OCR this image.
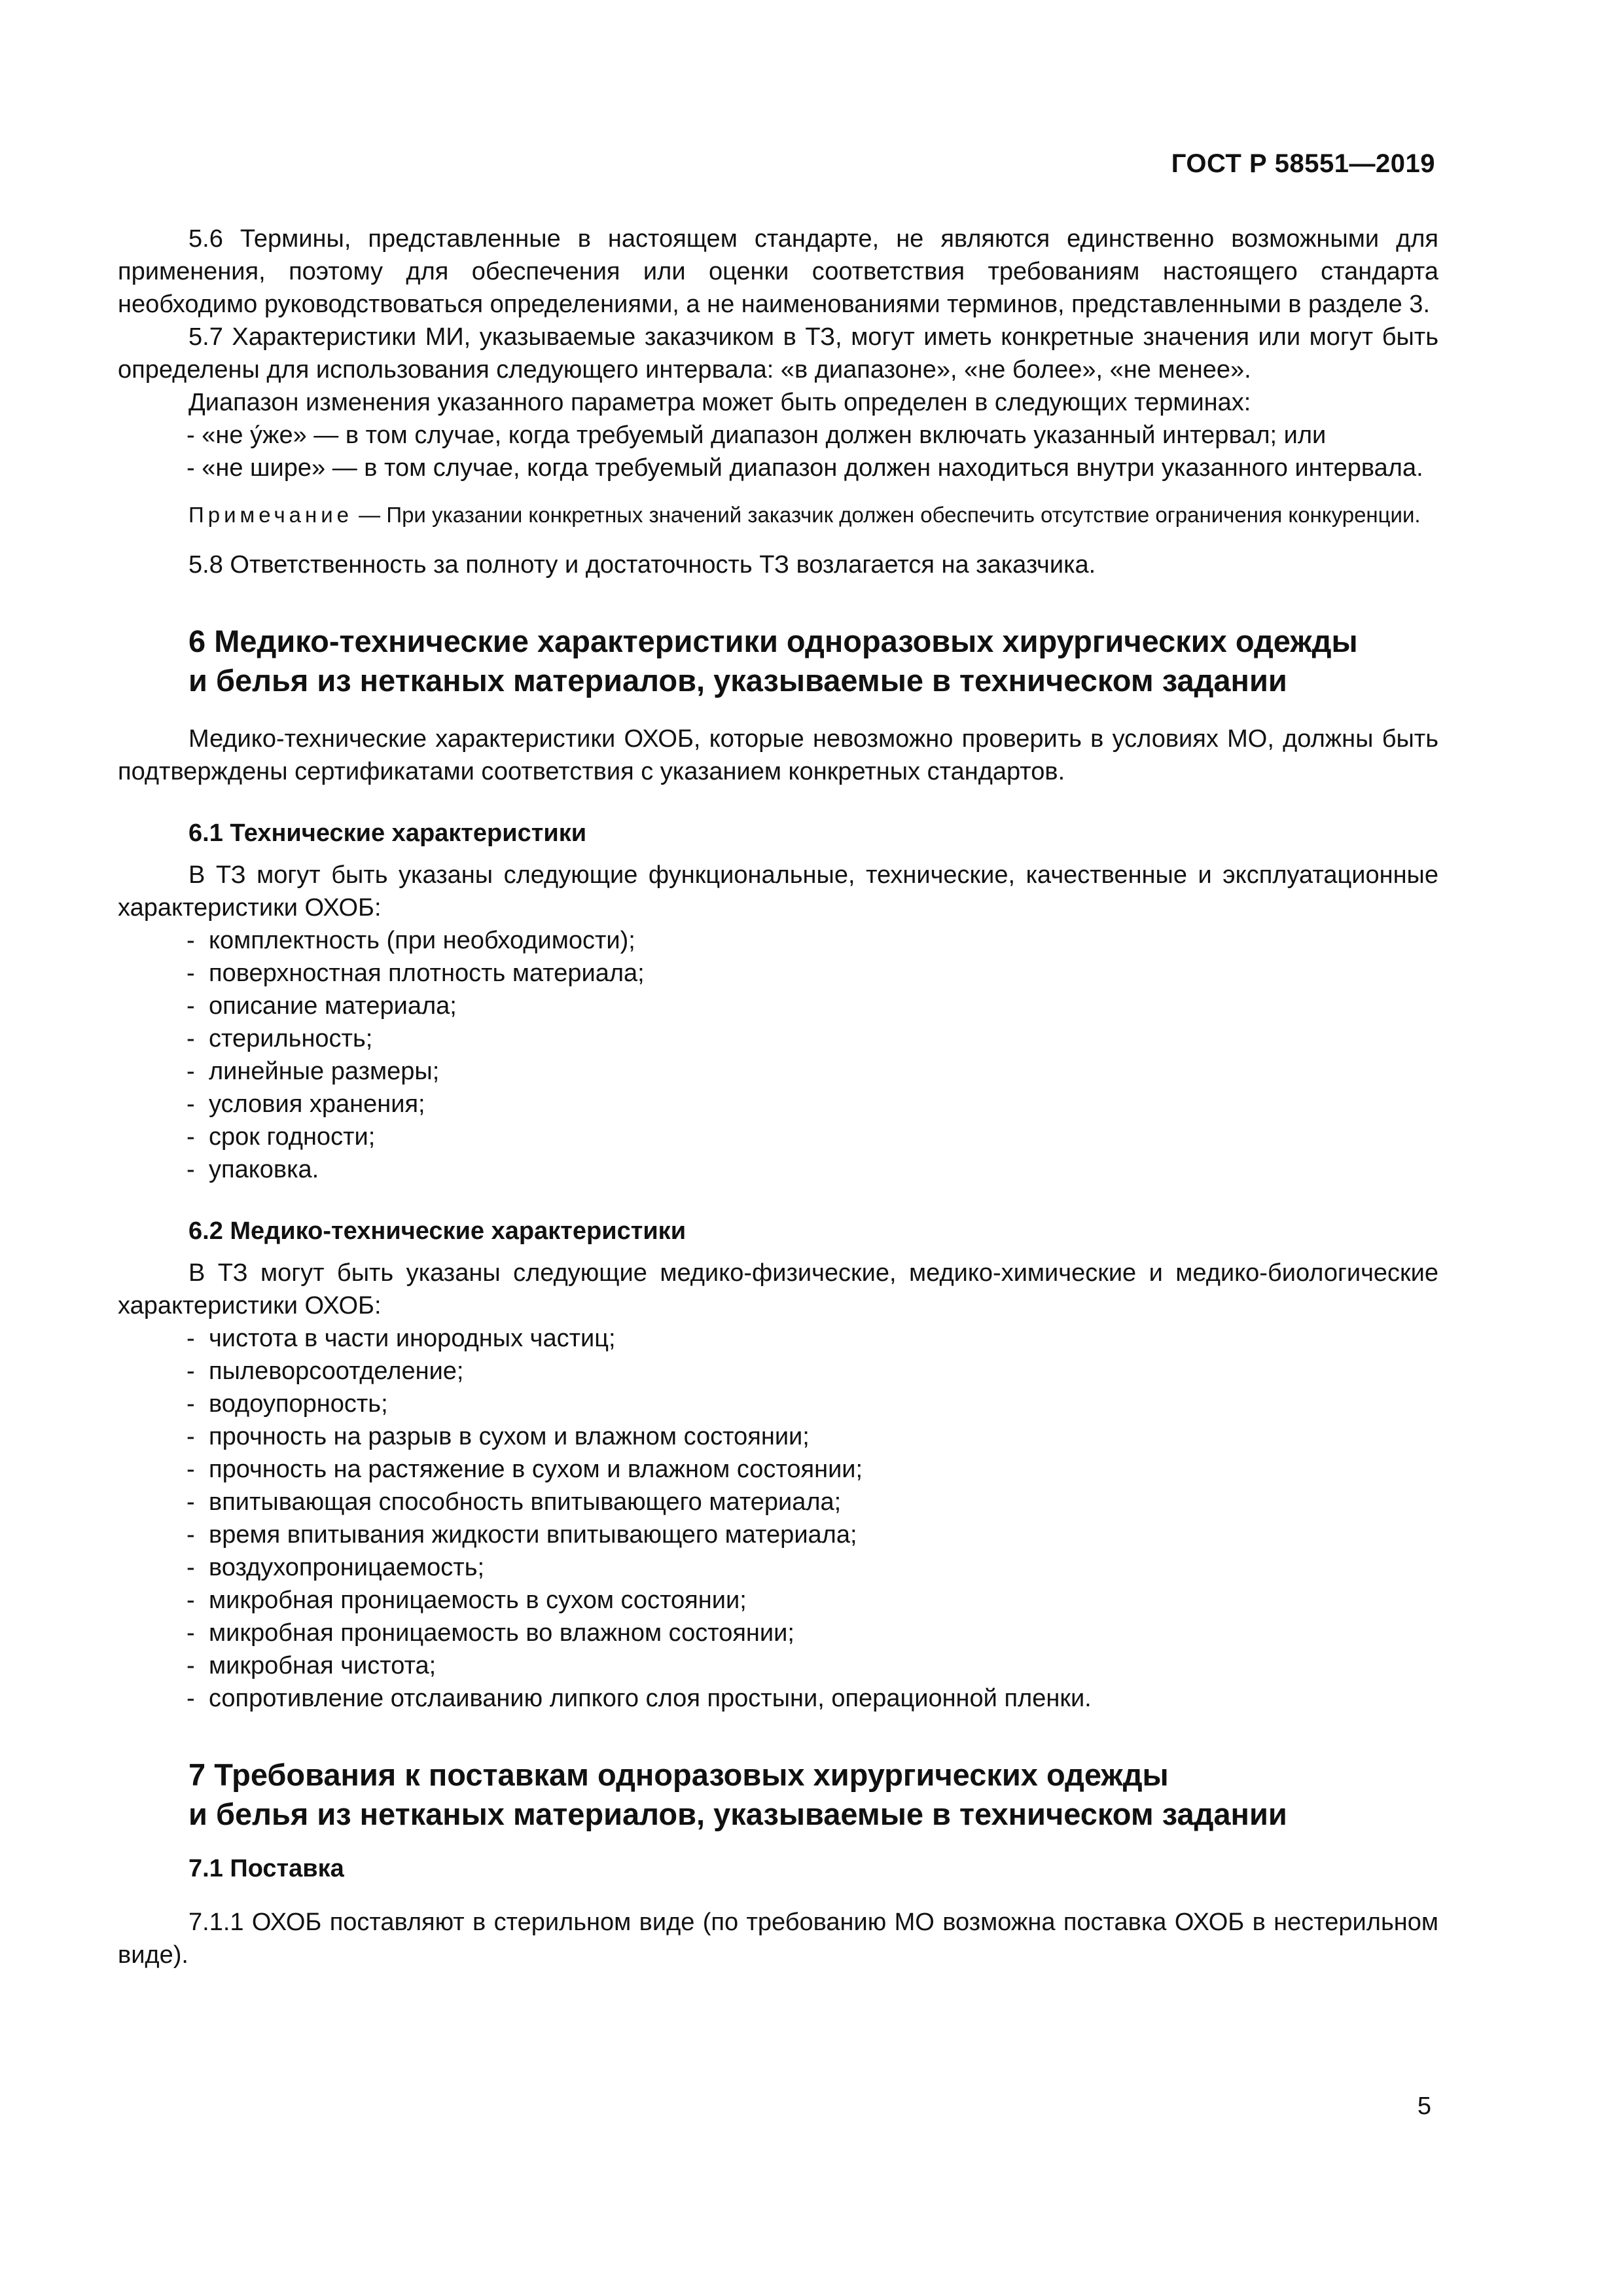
ГОСТ Р 58551—2019

5.6 Термины, представленные в настоящем стандарте, не являются единственно возможными для применения, поэтому для обеспечения или оценки соответствия требованиям настоящего стандарта необходимо руководствоваться определениями, а не наименованиями терминов, представленными в разделе 3.

5.7 Характеристики МИ, указываемые заказчиком в ТЗ, могут иметь конкретные значения или могут быть определены для использования следующего интервала: «в диапазоне», «не более», «не менее».

Диапазон изменения указанного параметра может быть определен в следующих терминах:

- «не у́же» — в том случае, когда требуемый диапазон должен включать указанный интервал; или

- «не шире» — в том случае, когда требуемый диапазон должен находиться внутри указанного интервала.

Примечание — При указании конкретных значений заказчик должен обеспечить отсутствие ограничения конкуренции.

5.8 Ответственность за полноту и достаточность ТЗ возлагается на заказчика.

6 Медико-технические характеристики одноразовых хирургических одежды
и белья из нетканых материалов, указываемые в техническом задании

Медико-технические характеристики ОХОБ, которые невозможно проверить в условиях МО, должны быть подтверждены сертификатами соответствия с указанием конкретных стандартов.

6.1 Технические характеристики

В ТЗ могут быть указаны следующие функциональные, технические, качественные и эксплуатационные характеристики ОХОБ:

- комплектность (при необходимости);
- поверхностная плотность материала;
- описание материала;
- стерильность;
- линейные размеры;
- условия хранения;
- срок годности;
- упаковка.
6.2 Медико-технические характеристики

В ТЗ могут быть указаны следующие медико-физические, медико-химические и медико-биологические характеристики ОХОБ:

- чистота в части инородных частиц;
- пылеворсоотделение;
- водоупорность;
- прочность на разрыв в сухом и влажном состоянии;
- прочность на растяжение в сухом и влажном состоянии;
- впитывающая способность впитывающего материала;
- время впитывания жидкости впитывающего материала;
- воздухопроницаемость;
- микробная проницаемость в сухом состоянии;
- микробная проницаемость во влажном состоянии;
- микробная чистота;
- сопротивление отслаиванию липкого слоя простыни, операционной пленки.
7 Требования к поставкам одноразовых хирургических одежды
и белья из нетканых материалов, указываемые в техническом задании
7.1 Поставка

7.1.1 ОХОБ поставляют в стерильном виде (по требованию МО возможна поставка ОХОБ в нестерильном виде).

5
